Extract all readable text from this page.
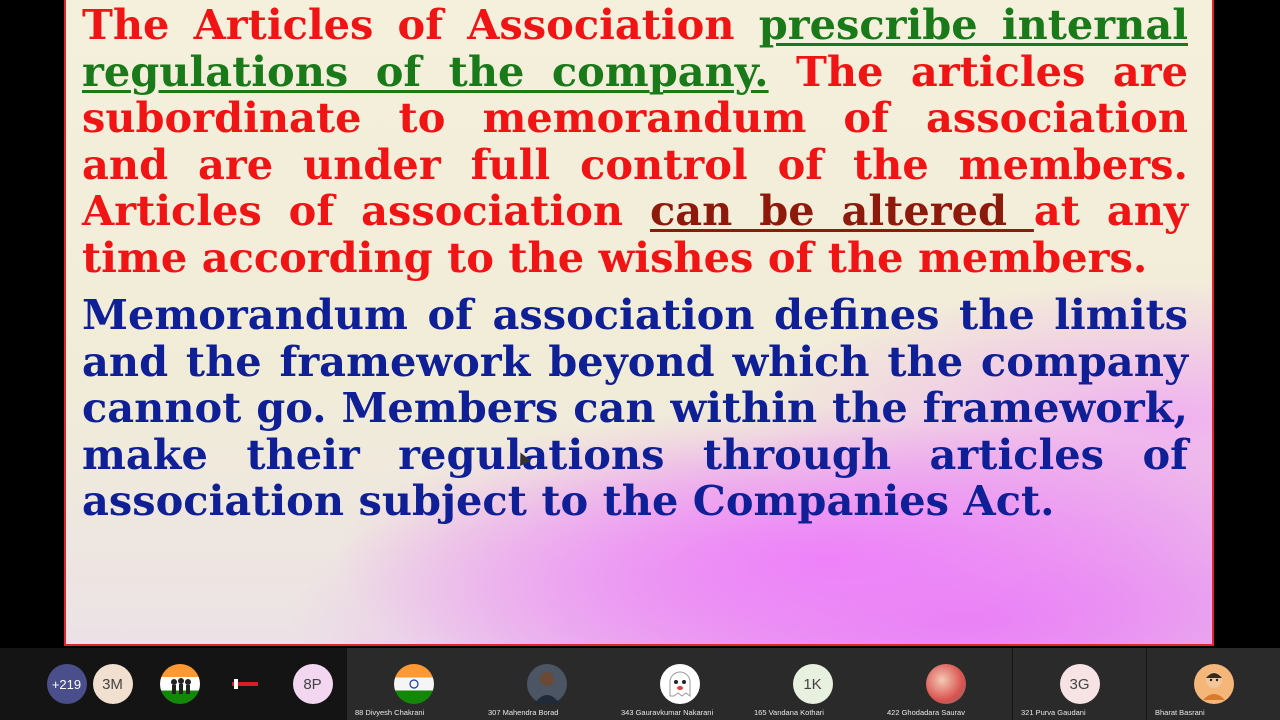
The Articles of Association prescribe internal regulations of the company. The articles are subordinate to memorandum of association and are under full control of the members. Articles of association can be altered at any time according to the wishes of the members.

Memorandum of association defines the limits and the framework beyond which the company cannot go. Members can within the framework, make their regulations through articles of association subject to the Companies Act.

+219	3M	8P
88 Divyesh Chakrani	307 Mahendra Borad	343 Gauravkumar Nakarani
1K
165 Vandana Kothari	422 Ghodadara Saurav
3G
321 Purva Gaudani	Bharat Basrani
